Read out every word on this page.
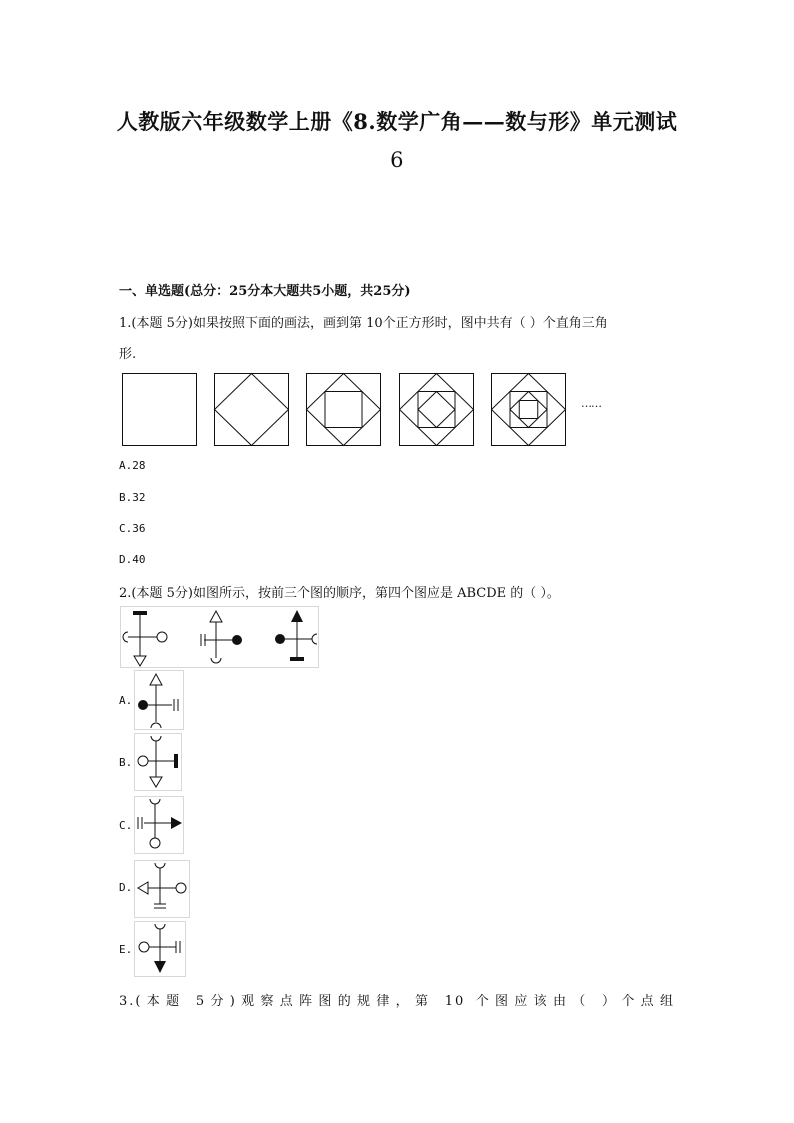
人教版六年级数学上册《8.数学广角——数与形》单元测试
6
一、单选题(总分：25分本大题共5小题，共25分)
1.(本题 5分)如果按照下面的画法，画到第 10个正方形时，图中共有（ ）个直角三角
形.
……
A.28
B.32
C.36
D.40
2.(本题 5分)如图所示，按前三个图的顺序，第四个图应是 ABCDE 的（ ）。
A.
B.
C.
D.
E.
3.(本题 5分)观察点阵图的规律，第 10 个图应该由（ ）个点组
